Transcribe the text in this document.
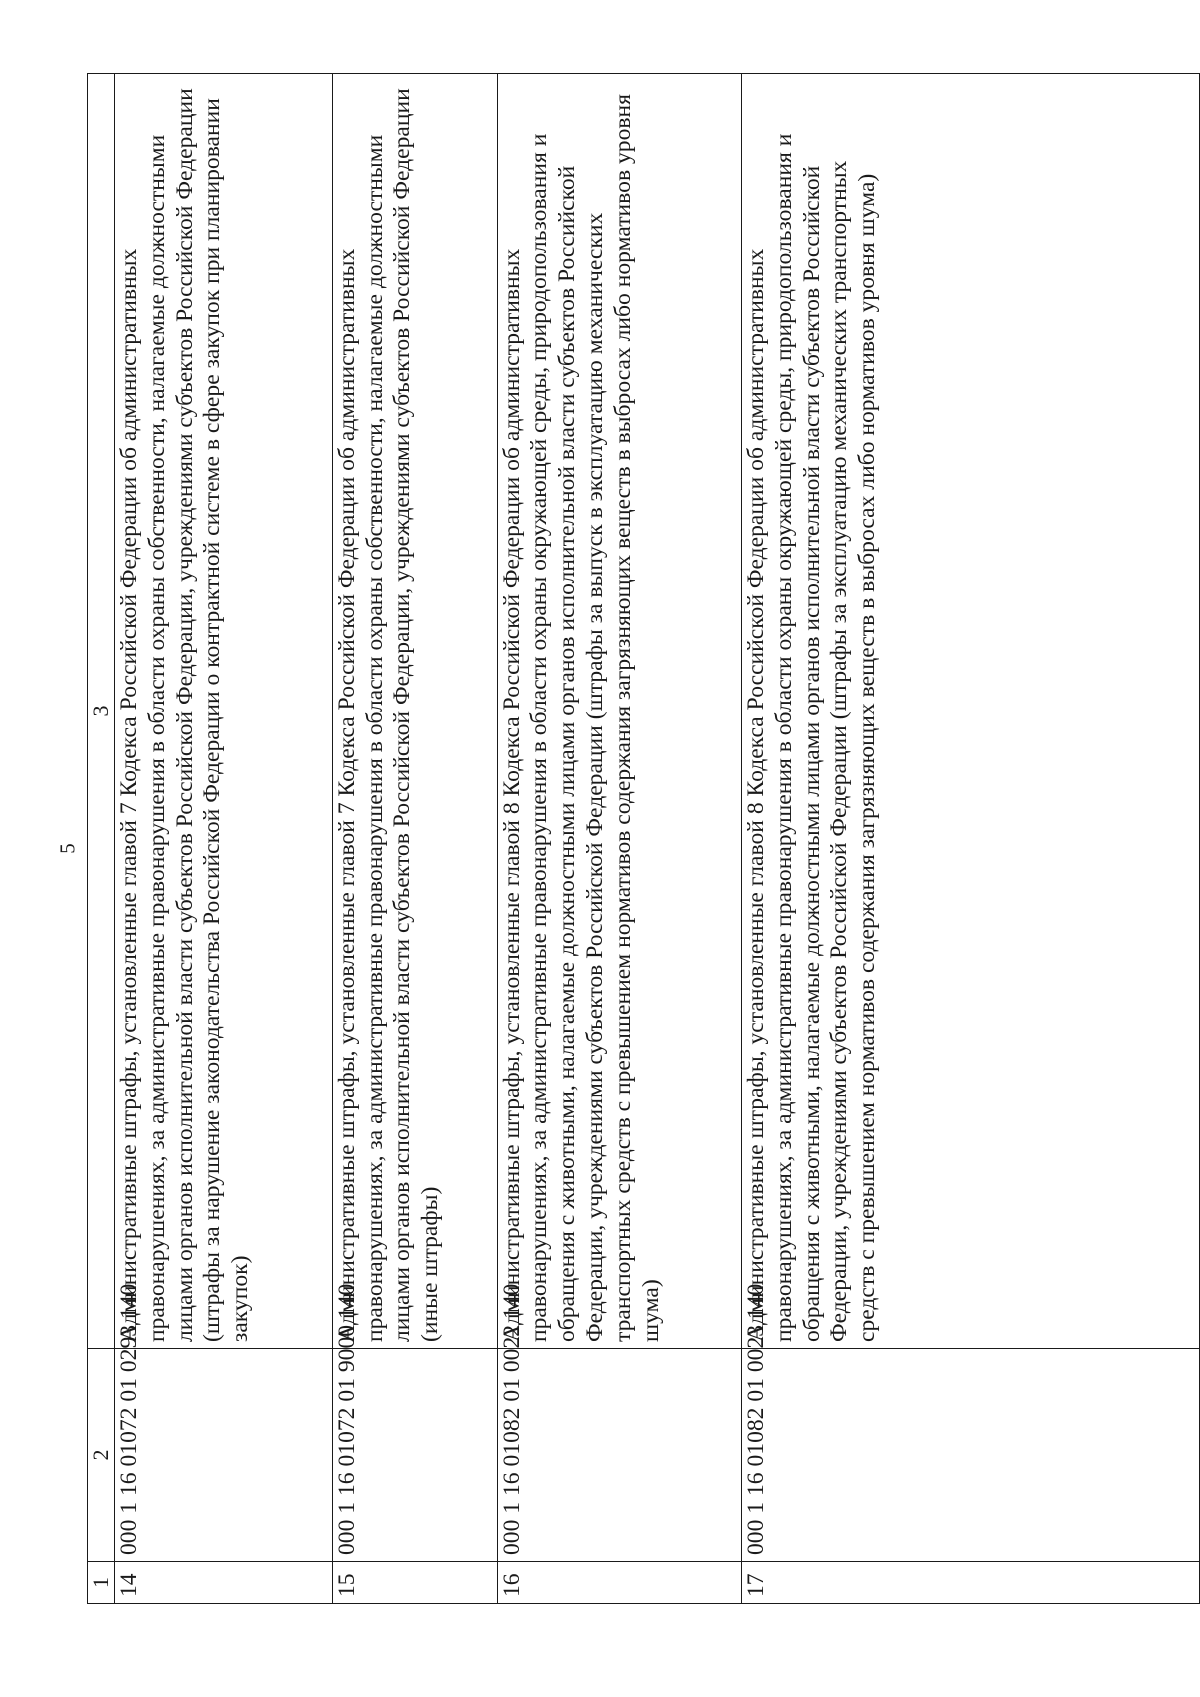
5
1	2	3
14	000 1 16 01072 01 0293 140	Административные штрафы, установленные главой 7 Кодекса Российской Федерации об административных правонарушениях, за административные правонарушения в области охраны собственности, налагаемые должностными лицами органов исполнительной власти субъектов Российской Федерации, учреждениями субъектов Российской Федерации (штрафы за нарушение законодательства Российской Федерации о контрактной системе в сфере закупок при планировании закупок)
15	000 1 16 01072 01 9000 140	Административные штрафы, установленные главой 7 Кодекса Российской Федерации об административных правонарушениях, за административные правонарушения в области охраны собственности, налагаемые должностными лицами органов исполнительной власти субъектов Российской Федерации, учреждениями субъектов Российской Федерации (иные штрафы)
16	000 1 16 01082 01 0022 140	Административные штрафы, установленные главой 8 Кодекса Российской Федерации об административных правонарушениях, за административные правонарушения в области охраны окружающей среды, природопользования и обращения с животными, налагаемые должностными лицами органов исполнительной власти субъектов Российской Федерации, учреждениями субъектов Российской Федерации (штрафы за выпуск в эксплуатацию механических транспортных средств с превышением нормативов содержания загрязняющих веществ в выбросах либо нормативов уровня шума)
17	000 1 16 01082 01 0023 140	Административные штрафы, установленные главой 8 Кодекса Российской Федерации об административных правонарушениях, за административные правонарушения в области охраны окружающей среды, природопользования и обращения с животными, налагаемые должностными лицами органов исполнительной власти субъектов Российской Федерации, учреждениями субъектов Российской Федерации (штрафы за эксплуатацию механических транспортных средств с превышением нормативов содержания загрязняющих веществ в выбросах либо нормативов уровня шума)
